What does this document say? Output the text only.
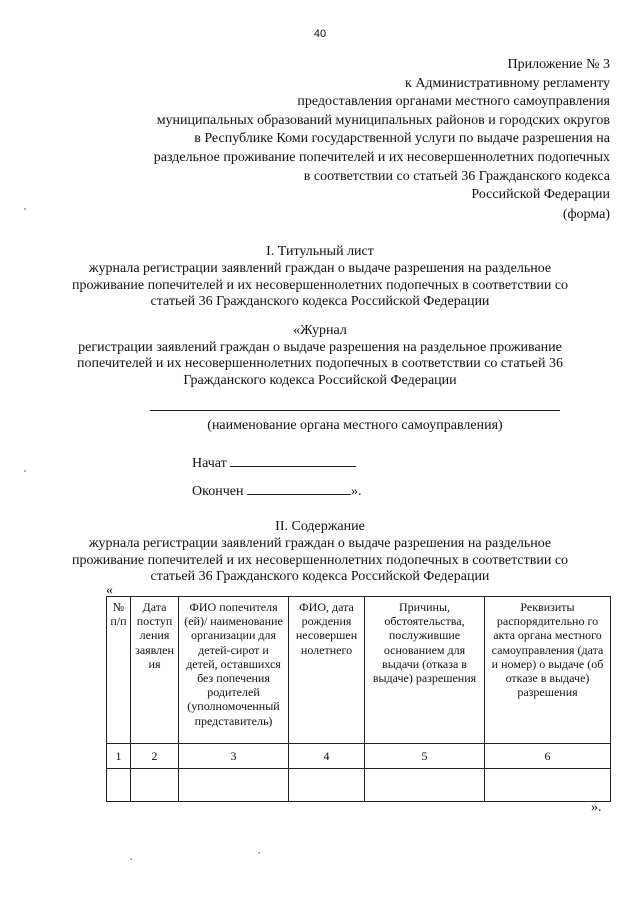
40
Приложение № 3
к Административному регламенту
предоставления органами местного самоуправления
муниципальных образований муниципальных районов и городских округов
в Республике Коми государственной услуги по выдаче разрешения на
раздельное проживание попечителей и их несовершеннолетних подопечных
в соответствии со статьей 36 Гражданского кодекса
Российской Федерации
(форма)
I. Титульный лист
журнала регистрации заявлений граждан о выдаче разрешения на раздельное
проживание попечителей и их несовершеннолетних подопечных в соответствии со
статьей 36 Гражданского кодекса Российской Федерации
«Журнал
регистрации заявлений граждан о выдаче разрешения на раздельное проживание
попечителей и их несовершеннолетних подопечных в соответствии со статьей 36
Гражданского кодекса Российской Федерации
(наименование органа местного самоуправления)
Начат
Окончен	».
II. Содержание
журнала регистрации заявлений граждан о выдаче разрешения на раздельное
проживание попечителей и их несовершеннолетних подопечных в соответствии со
статьей 36 Гражданского кодекса Российской Федерации
«
№ п/п	Дата поступ ления заявлен ия	ФИО попечителя (ей)/ наименование организации для детей-сирот и детей, оставшихся без попечения родителей (уполномоченный представитель)	ФИО, дата рождения несовершен нолетнего	Причины, обстоятельства, послужившие основанием для выдачи (отказа в выдаче) разрешения	Реквизиты распорядительно го акта органа местного самоуправления (дата и номер) о выдаче (об отказе в выдаче) разрешения
1	2	3	4	5	6

».
